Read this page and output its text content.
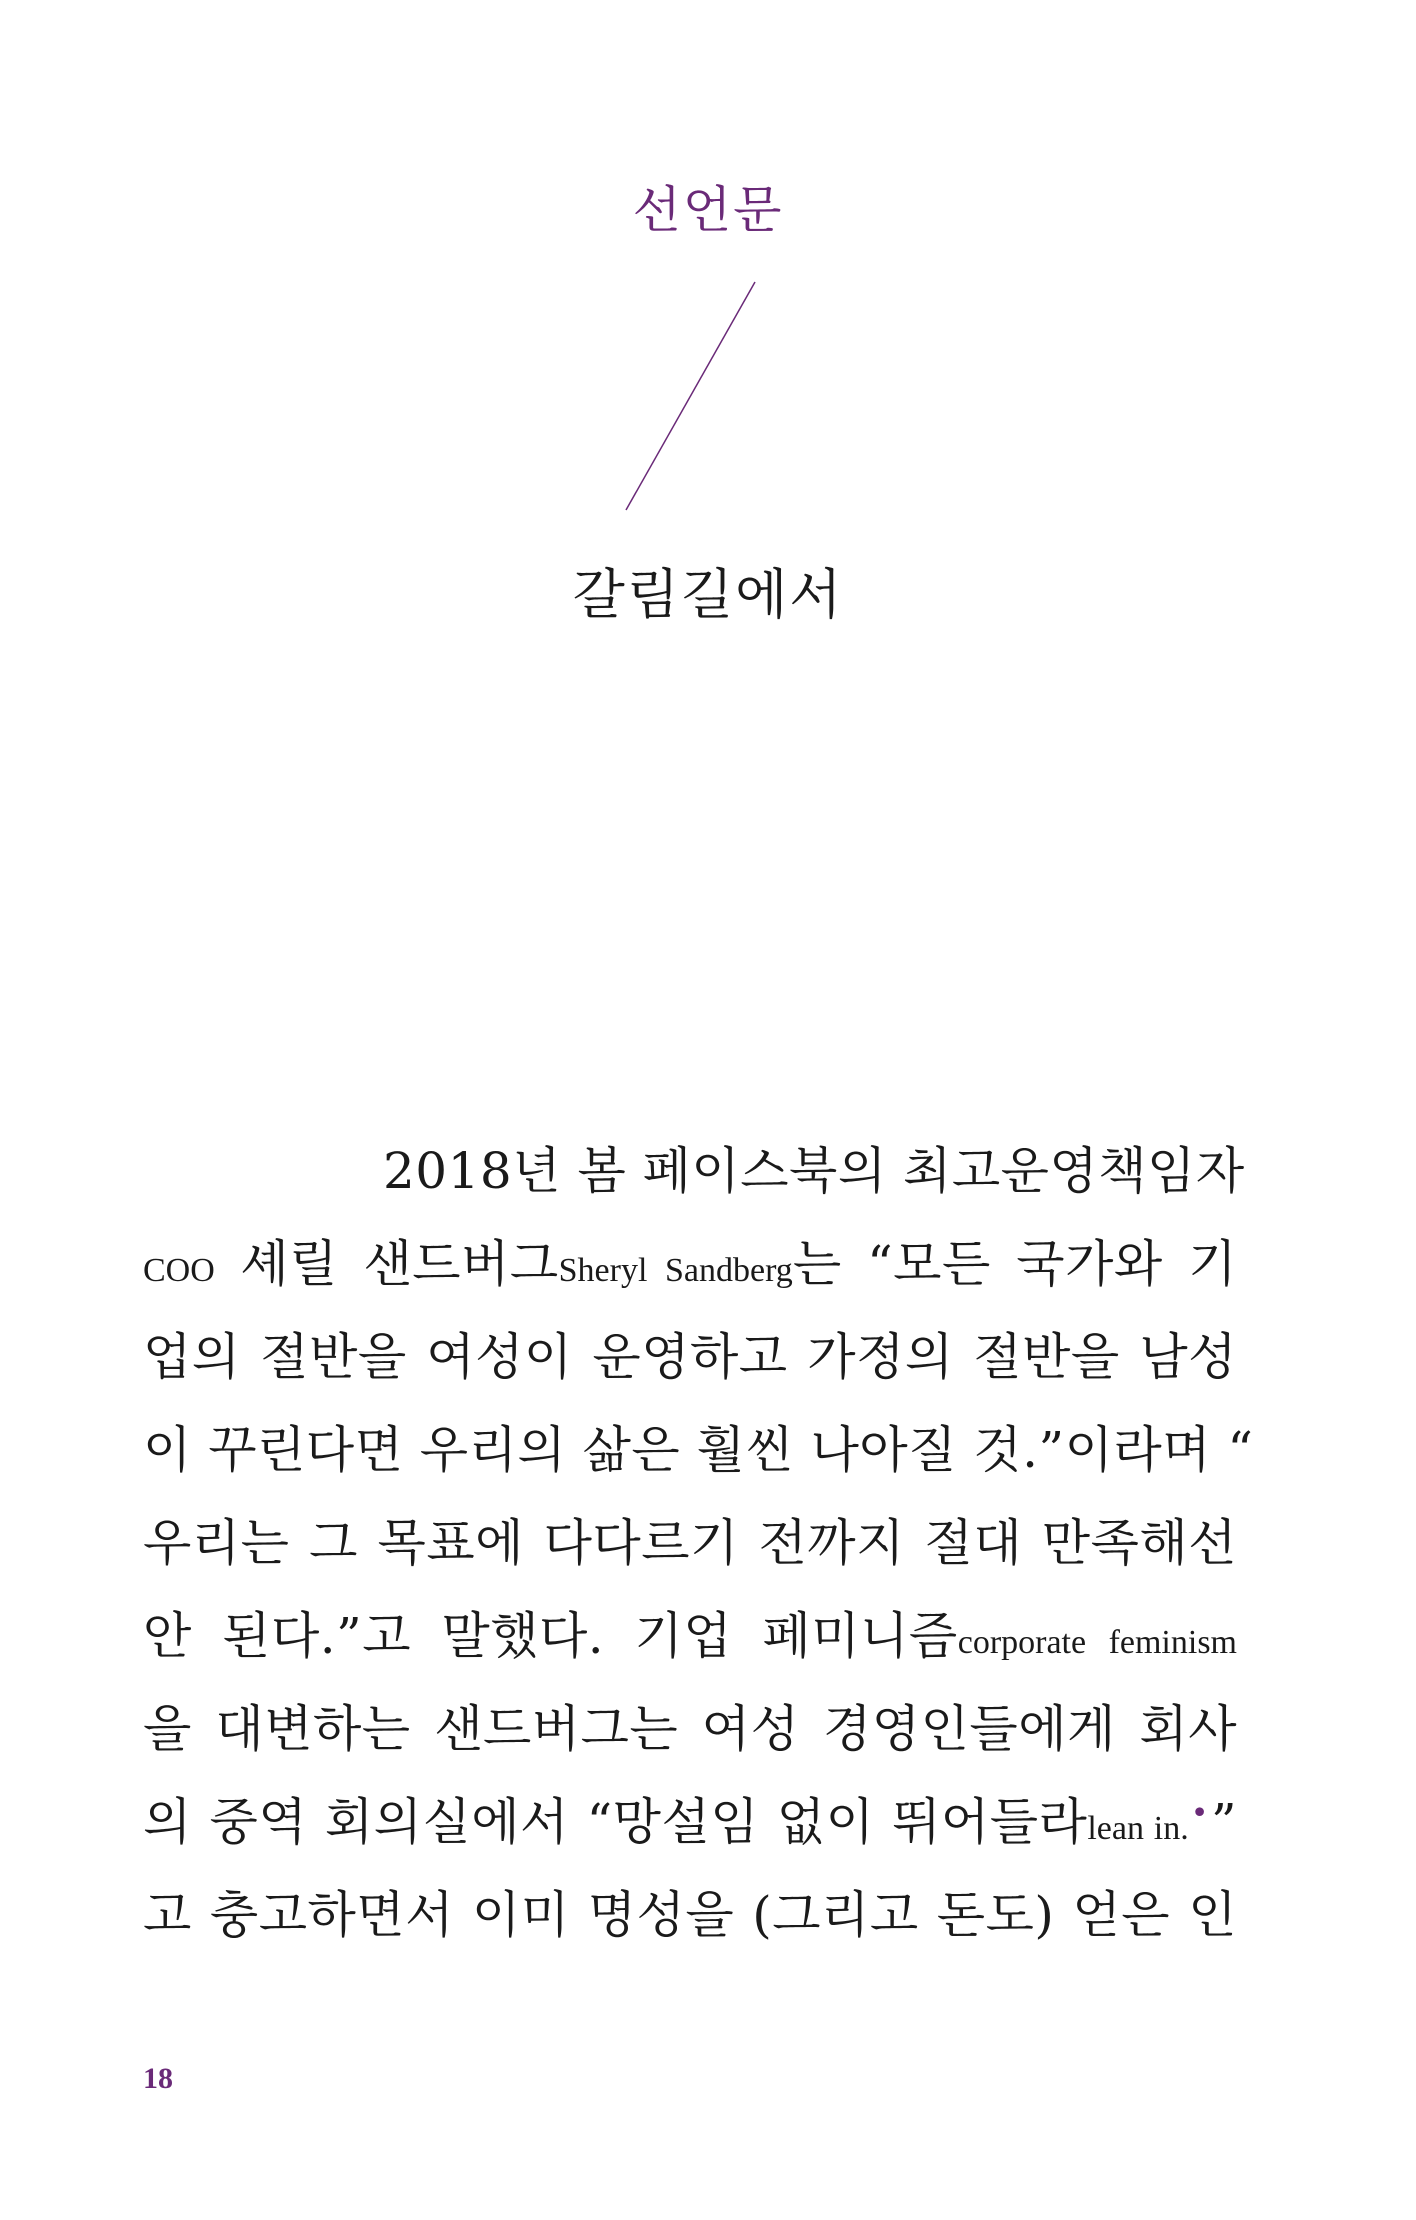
선언문
갈림길에서
2018년 봄 페이스북의 최고운영책임자
COO 셰릴 샌드버그Sheryl Sandberg는 “모든 국가와 기
업의 절반을 여성이 운영하고 가정의 절반을 남성
이 꾸린다면 우리의 삶은 훨씬 나아질 것.”이라며 “
우리는 그 목표에 다다르기 전까지 절대 만족해선
안 된다.”고 말했다. 기업 페미니즘corporate feminism
을 대변하는 샌드버그는 여성 경영인들에게 회사
의 중역 회의실에서 “망설임 없이 뛰어들라lean in.•”
고 충고하면서 이미 명성을 (그리고 돈도) 얻은 인
18
